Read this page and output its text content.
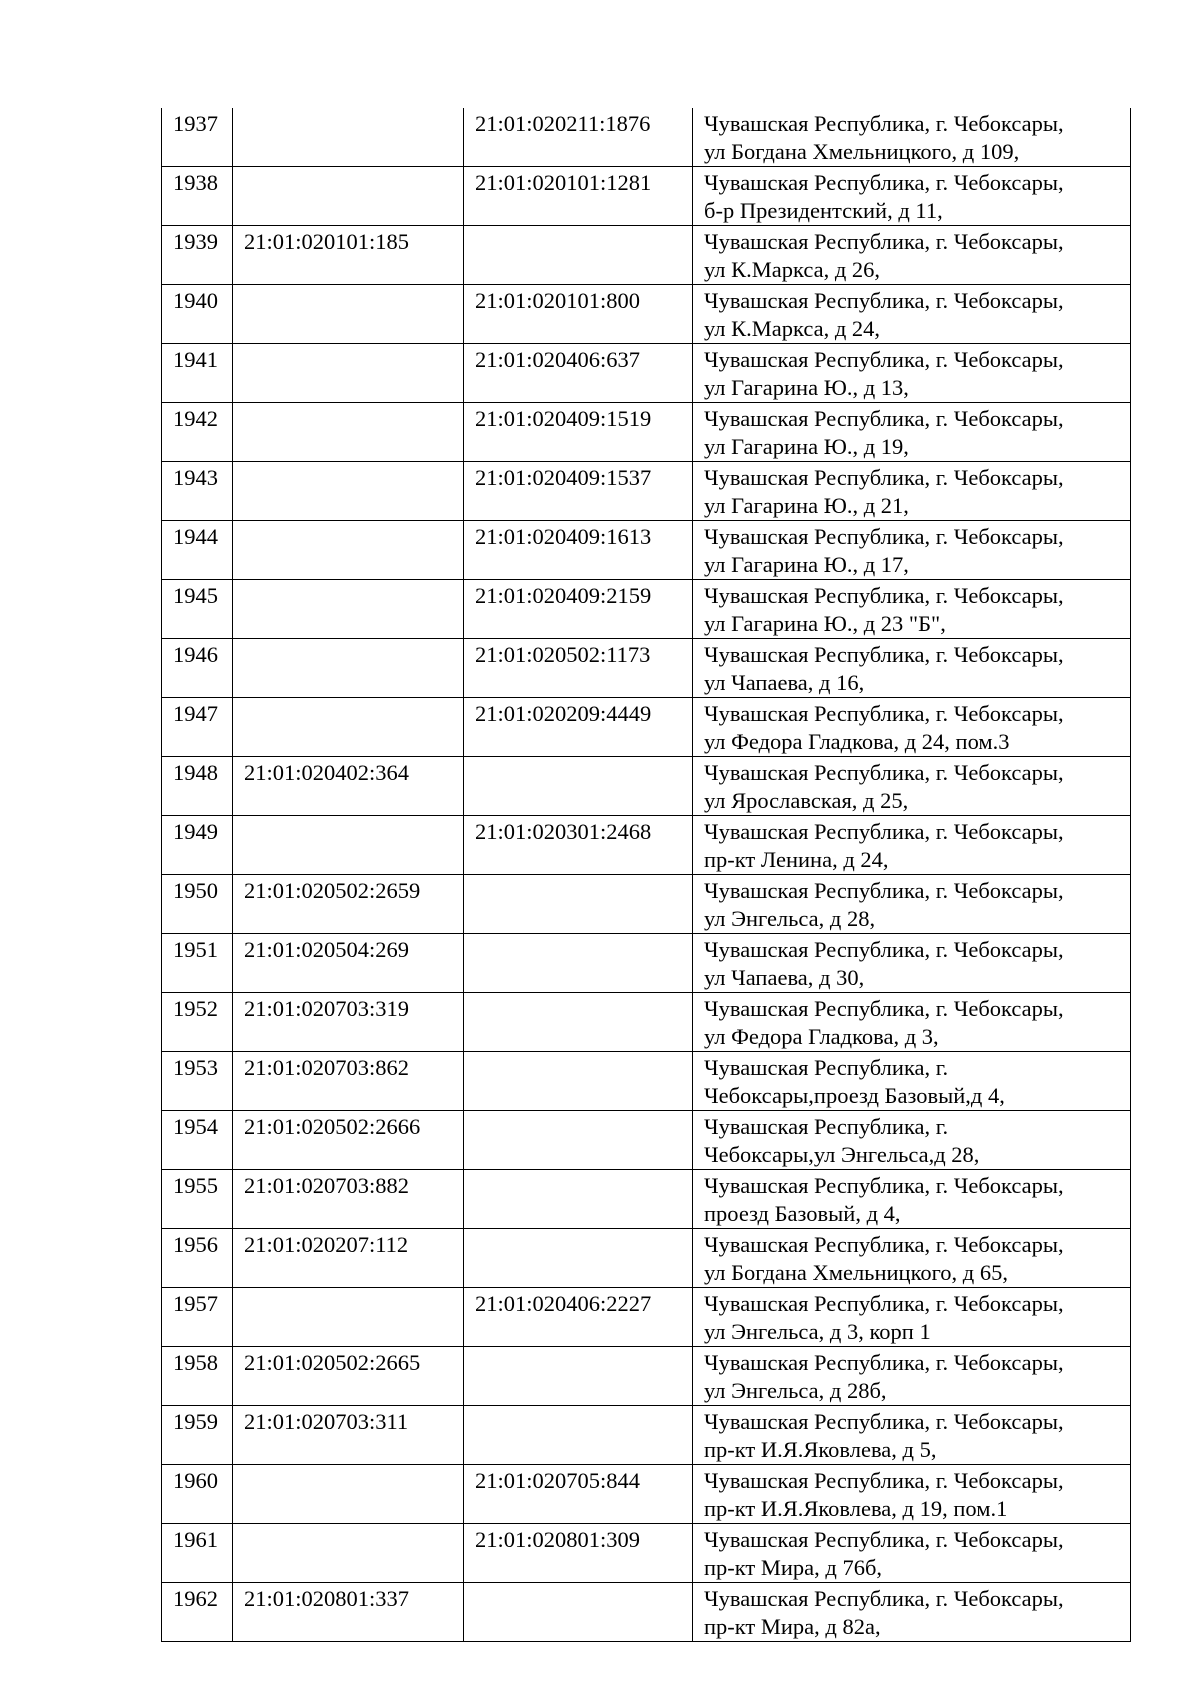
1937		21:01:020211:1876	Чувашская Республика, г. Чебоксары,
ул Богдана Хмельницкого, д 109,
1938		21:01:020101:1281	Чувашская Республика, г. Чебоксары,
б-р Президентский, д 11,
1939	21:01:020101:185		Чувашская Республика, г. Чебоксары,
ул К.Маркса, д 26,
1940		21:01:020101:800	Чувашская Республика, г. Чебоксары,
ул К.Маркса, д 24,
1941		21:01:020406:637	Чувашская Республика, г. Чебоксары,
ул Гагарина Ю., д 13,
1942		21:01:020409:1519	Чувашская Республика, г. Чебоксары,
ул Гагарина Ю., д 19,
1943		21:01:020409:1537	Чувашская Республика, г. Чебоксары,
ул Гагарина Ю., д 21,
1944		21:01:020409:1613	Чувашская Республика, г. Чебоксары,
ул Гагарина Ю., д 17,
1945		21:01:020409:2159	Чувашская Республика, г. Чебоксары,
ул Гагарина Ю., д 23 "Б",
1946		21:01:020502:1173	Чувашская Республика, г. Чебоксары,
ул Чапаева, д 16,
1947		21:01:020209:4449	Чувашская Республика, г. Чебоксары,
ул Федора Гладкова, д 24, пом.3
1948	21:01:020402:364		Чувашская Республика, г. Чебоксары,
ул Ярославская, д 25,
1949		21:01:020301:2468	Чувашская Республика, г. Чебоксары,
пр-кт Ленина, д 24,
1950	21:01:020502:2659		Чувашская Республика, г. Чебоксары,
ул Энгельса, д 28,
1951	21:01:020504:269		Чувашская Республика, г. Чебоксары,
ул Чапаева, д 30,
1952	21:01:020703:319		Чувашская Республика, г. Чебоксары,
ул Федора Гладкова, д 3,
1953	21:01:020703:862		Чувашская Республика, г.
Чебоксары,проезд Базовый,д 4,
1954	21:01:020502:2666		Чувашская Республика, г.
Чебоксары,ул Энгельса,д 28,
1955	21:01:020703:882		Чувашская Республика, г. Чебоксары,
проезд Базовый, д 4,
1956	21:01:020207:112		Чувашская Республика, г. Чебоксары,
ул Богдана Хмельницкого, д 65,
1957		21:01:020406:2227	Чувашская Республика, г. Чебоксары,
ул Энгельса, д 3, корп 1
1958	21:01:020502:2665		Чувашская Республика, г. Чебоксары,
ул Энгельса, д 28б,
1959	21:01:020703:311		Чувашская Республика, г. Чебоксары,
пр-кт И.Я.Яковлева, д 5,
1960		21:01:020705:844	Чувашская Республика, г. Чебоксары,
пр-кт И.Я.Яковлева, д 19, пом.1
1961		21:01:020801:309	Чувашская Республика, г. Чебоксары,
пр-кт Мира, д 76б,
1962	21:01:020801:337		Чувашская Республика, г. Чебоксары,
пр-кт Мира, д 82а,
